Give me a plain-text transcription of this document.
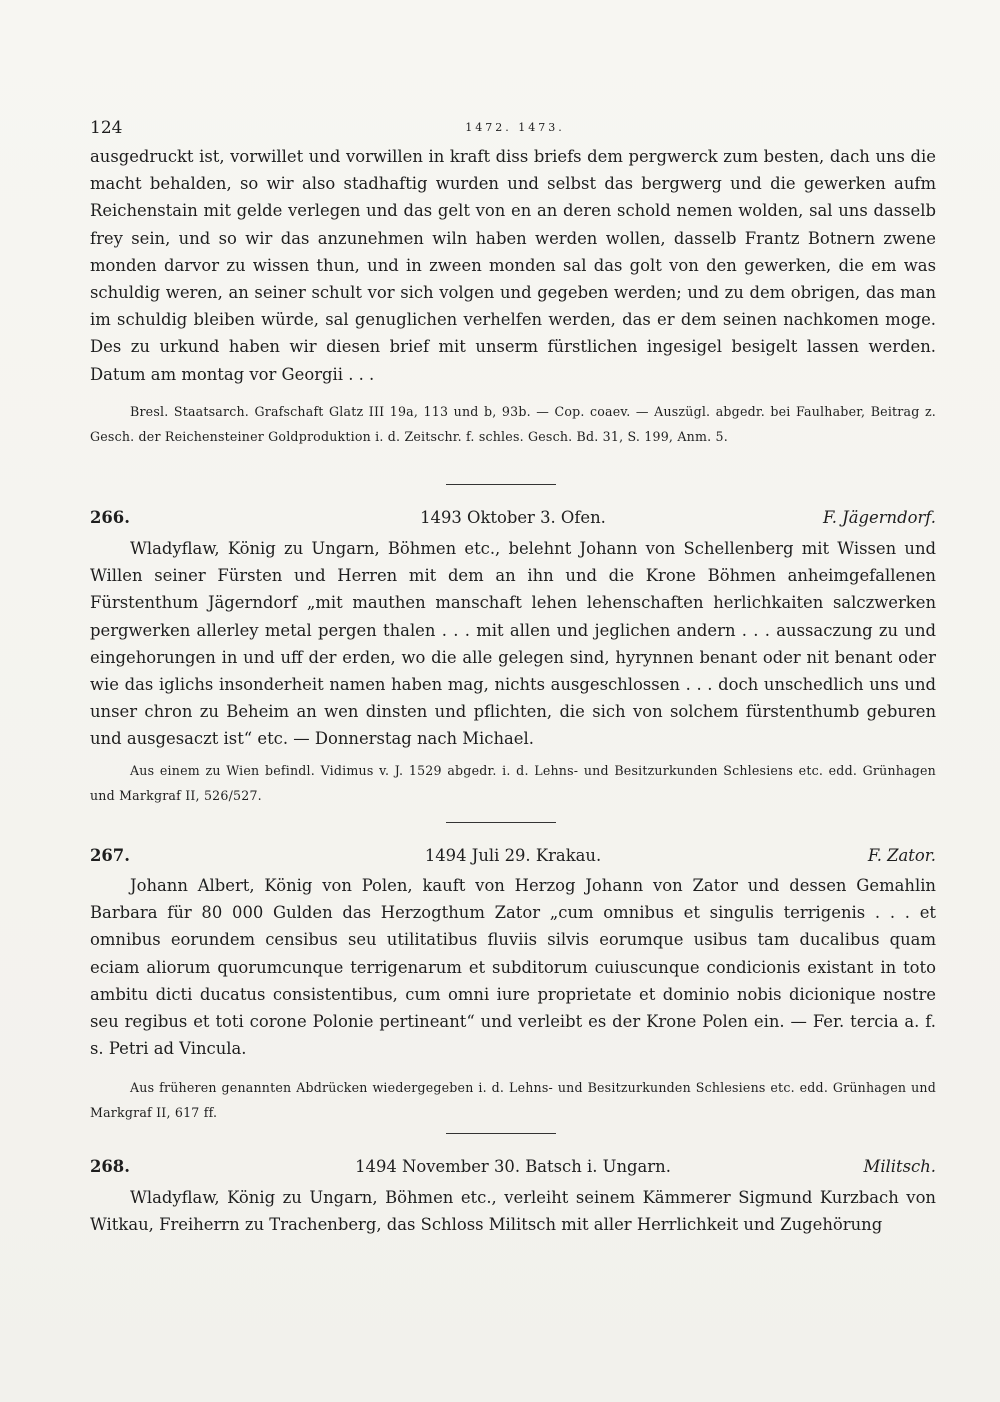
124	1472. 1473.

ausgedruckt ist, vorwillet und vorwillen in kraft diss briefs dem pergwerck zum besten, dach uns die macht behalden, so wir also stadhaftig wurden und selbst das bergwerg und die gewerken aufm Reichenstain mit gelde verlegen und das gelt von en an deren schold nemen wolden, sal uns dasselb frey sein, und so wir das anzunehmen wiln haben werden wollen, dasselb Frantz Botnern zwene monden darvor zu wissen thun, und in zween monden sal das golt von den gewerken, die em was schuldig weren, an seiner schult vor sich volgen und gegeben werden; und zu dem obrigen, das man im schuldig bleiben würde, sal genuglichen verhelfen werden, das er dem seinen nachkomen moge. Des zu urkund haben wir diesen brief mit unserm fürstlichen ingesigel besigelt lassen werden. Datum am montag vor Georgii . . .

Bresl. Staatsarch. Grafschaft Glatz III 19a, 113 und b, 93b. — Cop. coaev. — Auszügl. abgedr. bei Faulhaber, Beitrag z. Gesch. der Reichensteiner Goldproduktion i. d. Zeitschr. f. schles. Gesch. Bd. 31, S. 199, Anm. 5.

266.	1493 Oktober 3. Ofen.	F. Jägerndorf.

Wladyflaw, König zu Ungarn, Böhmen etc., belehnt Johann von Schellenberg mit Wissen und Willen seiner Fürsten und Herren mit dem an ihn und die Krone Böhmen anheimgefallenen Fürstenthum Jägerndorf „mit mauthen manschaft lehen lehenschaften herlichkaiten salczwerken pergwerken allerley metal pergen thalen . . . mit allen und jeglichen andern . . . aussaczung zu und eingehorungen in und uff der erden, wo die alle gelegen sind, hyrynnen benant oder nit benant oder wie das iglichs insonderheit namen haben mag, nichts ausgeschlossen . . . doch unschedlich uns und unser chron zu Beheim an wen dinsten und pflichten, die sich von solchem fürstenthumb geburen und ausgesaczt ist“ etc. — Donnerstag nach Michael.

Aus einem zu Wien befindl. Vidimus v. J. 1529 abgedr. i. d. Lehns- und Besitzurkunden Schlesiens etc. edd. Grünhagen und Markgraf II, 526/527.

267.	1494 Juli 29. Krakau.	F. Zator.

Johann Albert, König von Polen, kauft von Herzog Johann von Zator und dessen Gemahlin Barbara für 80 000 Gulden das Herzogthum Zator „cum omnibus et singulis terrigenis . . . et omnibus eorundem censibus seu utilitatibus fluviis silvis eorumque usibus tam ducalibus quam eciam aliorum quorumcunque terrigenarum et subditorum cuiuscunque condicionis existant in toto ambitu dicti ducatus consistentibus, cum omni iure proprietate et dominio nobis dicionique nostre seu regibus et toti corone Polonie pertineant“ und verleibt es der Krone Polen ein. — Fer. tercia a. f. s. Petri ad Vincula.

Aus früheren genannten Abdrücken wiedergegeben i. d. Lehns- und Besitzurkunden Schlesiens etc. edd. Grünhagen und Markgraf II, 617 ff.

268.	1494 November 30. Batsch i. Ungarn.	Militsch.

Wladyflaw, König zu Ungarn, Böhmen etc., verleiht seinem Kämmerer Sigmund Kurzbach von Witkau, Freiherrn zu Trachenberg, das Schloss Militsch mit aller Herrlichkeit und Zugehörung
